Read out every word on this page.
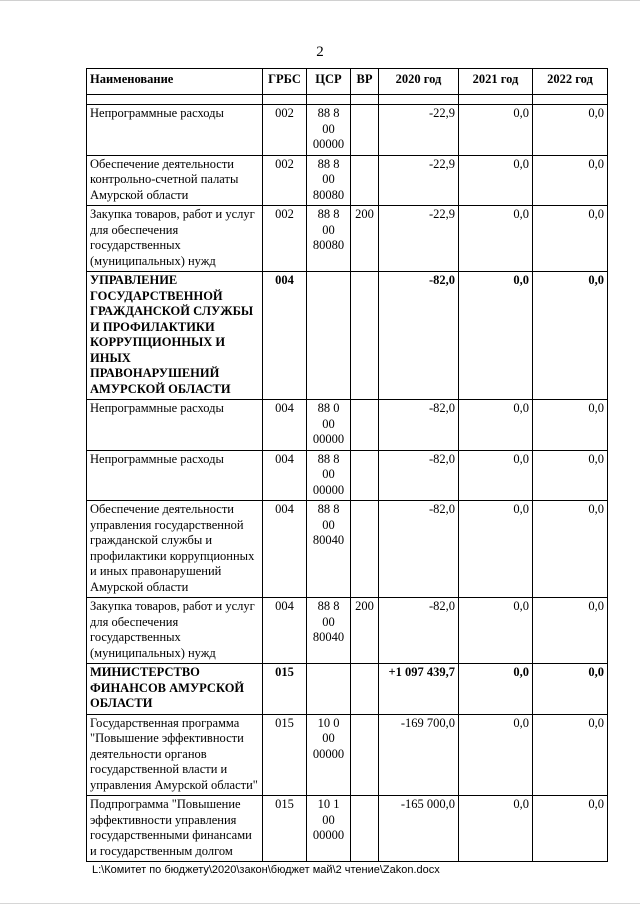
2
Наименование	ГРБС	ЦСР	ВР	2020 год	2021 год	2022 год

Непрограммные расходы	002	88 8 00 00000		-22,9	0,0	0,0
Обеспечение деятельности контрольно-счетной палаты Амурской области	002	88 8 00 80080		-22,9	0,0	0,0
Закупка товаров, работ и услуг для обеспечения государственных (муниципальных) нужд	002	88 8 00 80080	200	-22,9	0,0	0,0
УПРАВЛЕНИЕ ГОСУДАРСТВЕННОЙ ГРАЖДАНСКОЙ СЛУЖБЫ И ПРОФИЛАКТИКИ КОРРУПЦИОННЫХ И ИНЫХ ПРАВОНАРУШЕНИЙ АМУРСКОЙ ОБЛАСТИ	004			-82,0	0,0	0,0
Непрограммные расходы	004	88 0 00 00000		-82,0	0,0	0,0
Непрограммные расходы	004	88 8 00 00000		-82,0	0,0	0,0
Обеспечение деятельности управления государственной гражданской службы и профилактики коррупционных и иных правонарушений Амурской области	004	88 8 00 80040		-82,0	0,0	0,0
Закупка товаров, работ и услуг для обеспечения государственных (муниципальных) нужд	004	88 8 00 80040	200	-82,0	0,0	0,0
МИНИСТЕРСТВО ФИНАНСОВ АМУРСКОЙ ОБЛАСТИ	015			+1 097 439,7	0,0	0,0
Государственная программа "Повышение эффективности деятельности органов государственной власти и управления Амурской области"	015	10 0 00 00000		-169 700,0	0,0	0,0
Подпрограмма "Повышение эффективности управления государственными финансами и государственным долгом	015	10 1 00 00000		-165 000,0	0,0	0,0
L:\Комитет по бюджету\2020\закон\бюджет май\2 чтение\Zakon.docx
